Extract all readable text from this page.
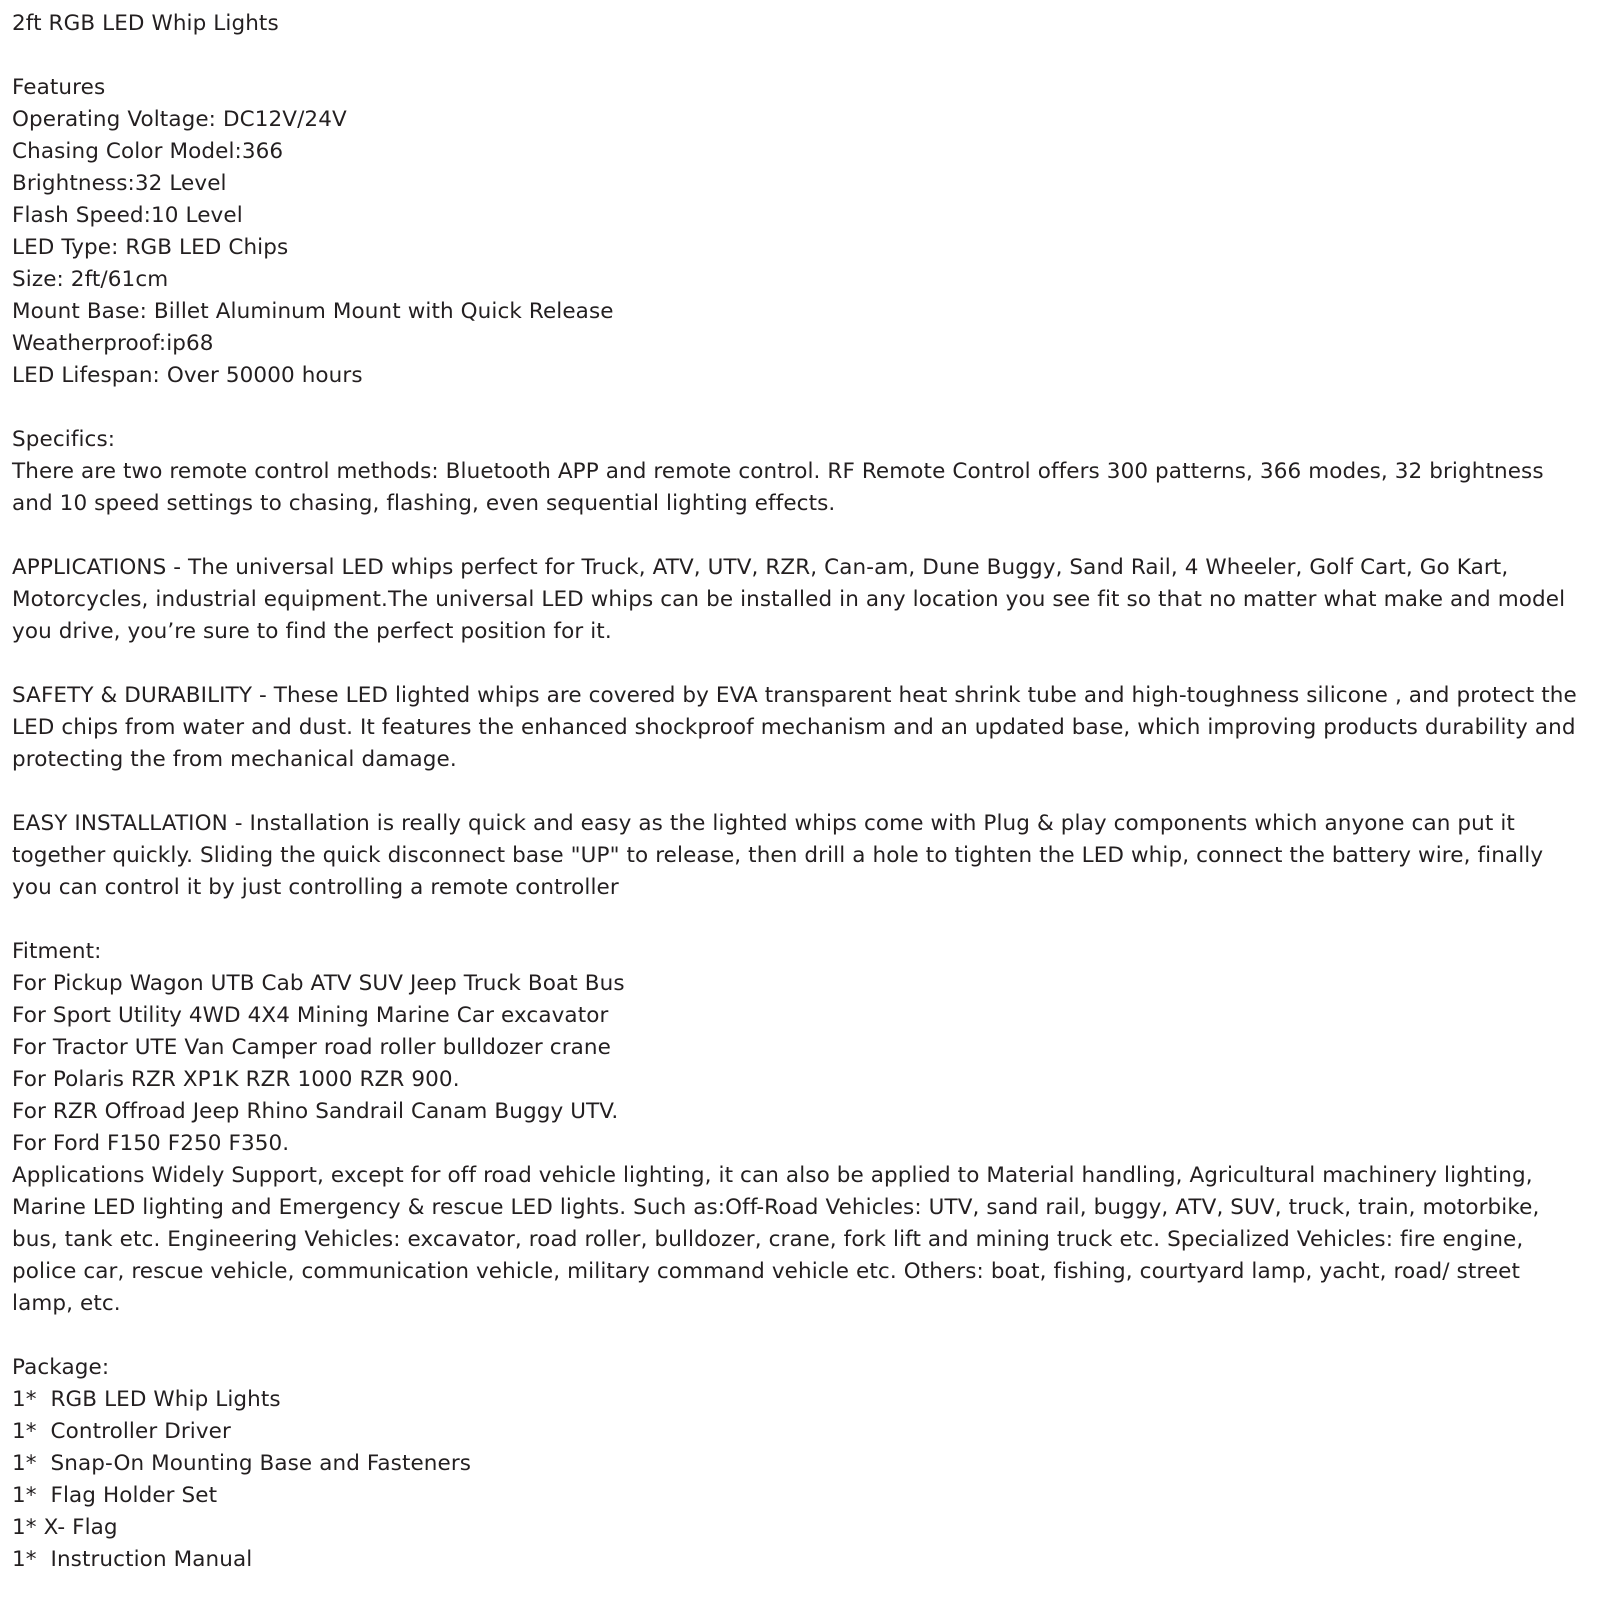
2ft RGB LED Whip Lights
Features
Operating Voltage: DC12V/24V
Chasing Color Model:366
Brightness:32 Level
Flash Speed:10 Level
LED Type: RGB LED Chips
Size: 2ft/61cm
Mount Base: Billet Aluminum Mount with Quick Release
Weatherproof:ip68
LED Lifespan: Over 50000 hours
Specifics:
There are two remote control methods: Bluetooth APP and remote control. RF Remote Control offers 300 patterns, 366 modes, 32 brightness and 10 speed settings to chasing, flashing, even sequential lighting effects.
APPLICATIONS - The universal LED whips perfect for Truck, ATV, UTV, RZR, Can-am, Dune Buggy, Sand Rail, 4 Wheeler, Golf Cart, Go Kart, Motorcycles, industrial equipment.The universal LED whips can be installed in any location you see fit so that no matter what make and model you drive, you’re sure to find the perfect position for it.
SAFETY & DURABILITY - These LED lighted whips are covered by EVA transparent heat shrink tube and high-toughness silicone , and protect the LED chips from water and dust. It features the enhanced shockproof mechanism and an updated base, which improving products durability and protecting the from mechanical damage.
EASY INSTALLATION - Installation is really quick and easy as the lighted whips come with Plug & play components which anyone can put it together quickly. Sliding the quick disconnect base "UP" to release, then drill a hole to tighten the LED whip, connect the battery wire, finally you can control it by just controlling a remote controller
Fitment:
For Pickup Wagon UTB Cab ATV SUV Jeep Truck Boat Bus
For Sport Utility 4WD 4X4 Mining Marine Car excavator
For Tractor UTE Van Camper road roller bulldozer crane
For Polaris RZR XP1K RZR 1000 RZR 900.
For RZR Offroad Jeep Rhino Sandrail Canam Buggy UTV.
For Ford F150 F250 F350.
Applications Widely Support, except for off road vehicle lighting, it can also be applied to Material handling, Agricultural machinery lighting, Marine LED lighting and Emergency & rescue LED lights. Such as:Off-Road Vehicles: UTV, sand rail, buggy, ATV, SUV, truck, train, motorbike, bus, tank etc. Engineering Vehicles: excavator, road roller, bulldozer, crane, fork lift and mining truck etc. Specialized Vehicles: fire engine, police car, rescue vehicle, communication vehicle, military command vehicle etc. Others: boat, fishing, courtyard lamp, yacht, road/ street lamp, etc.
Package:
1*  RGB LED Whip Lights
1*  Controller Driver
1*  Snap-On Mounting Base and Fasteners
1*  Flag Holder Set
1* X- Flag
1*  Instruction Manual
